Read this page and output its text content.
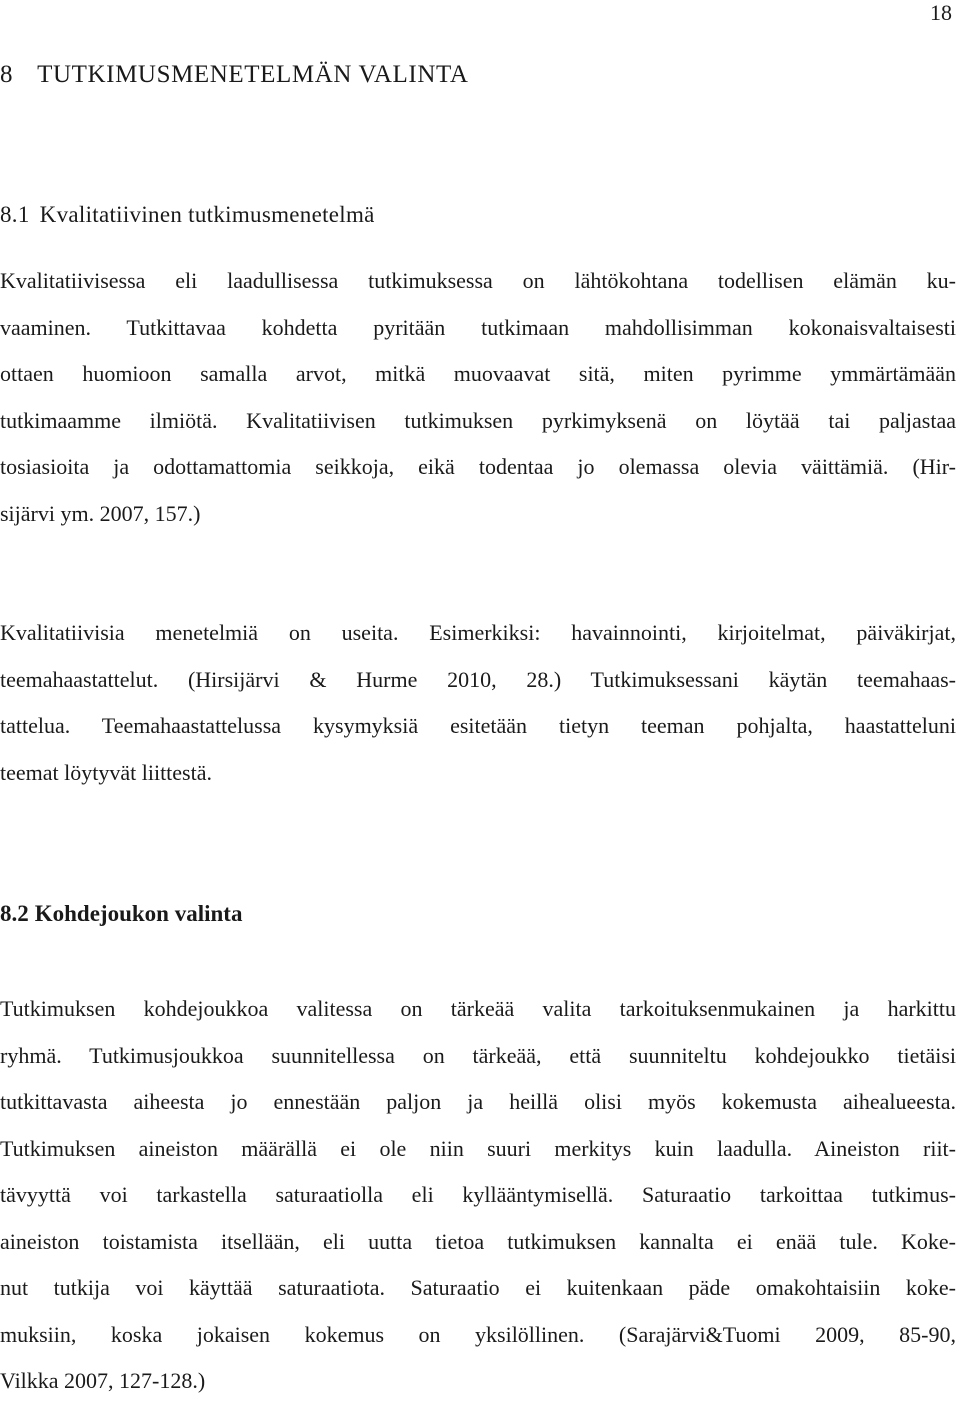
18
8 TUTKIMUSMENETELMÄN VALINTA
8.1 Kvalitatiivinen tutkimusmenetelmä
Kvalitatiivisessa eli laadullisessa tutkimuksessa on lähtökohtana todellisen elämän ku-
vaaminen. Tutkittavaa kohdetta pyritään tutkimaan mahdollisimman kokonaisvaltaisesti
ottaen huomioon samalla arvot, mitkä muovaavat sitä, miten pyrimme ymmärtämään
tutkimaamme ilmiötä. Kvalitatiivisen tutkimuksen pyrkimyksenä on löytää tai paljastaa
tosiasioita ja odottamattomia seikkoja, eikä todentaa jo olemassa olevia väittämiä. (Hir-
sijärvi ym. 2007, 157.)
Kvalitatiivisia menetelmiä on useita. Esimerkiksi: havainnointi, kirjoitelmat, päiväkirjat,
teemahaastattelut. (Hirsijärvi & Hurme 2010, 28.) Tutkimuksessani käytän teemahaas-
tattelua. Teemahaastattelussa kysymyksiä esitetään tietyn teeman pohjalta, haastatteluni
teemat löytyvät liittestä.
8.2 Kohdejoukon valinta
Tutkimuksen kohdejoukkoa valitessa on tärkeää valita tarkoituksenmukainen ja harkittu
ryhmä. Tutkimusjoukkoa suunnitellessa on tärkeää, että suunniteltu kohdejoukko tietäisi
tutkittavasta aiheesta jo ennestään paljon ja heillä olisi myös kokemusta aihealueesta.
Tutkimuksen aineiston määrällä ei ole niin suuri merkitys kuin laadulla. Aineiston riit-
tävyyttä voi tarkastella saturaatiolla eli kyllääntymisellä. Saturaatio tarkoittaa tutkimus-
aineiston toistamista itsellään, eli uutta tietoa tutkimuksen kannalta ei enää tule. Koke-
nut tutkija voi käyttää saturaatiota. Saturaatio ei kuitenkaan päde omakohtaisiin koke-
muksiin, koska jokaisen kokemus on yksilöllinen. (Sarajärvi&Tuomi 2009, 85-90,
Vilkka 2007, 127-128.)
